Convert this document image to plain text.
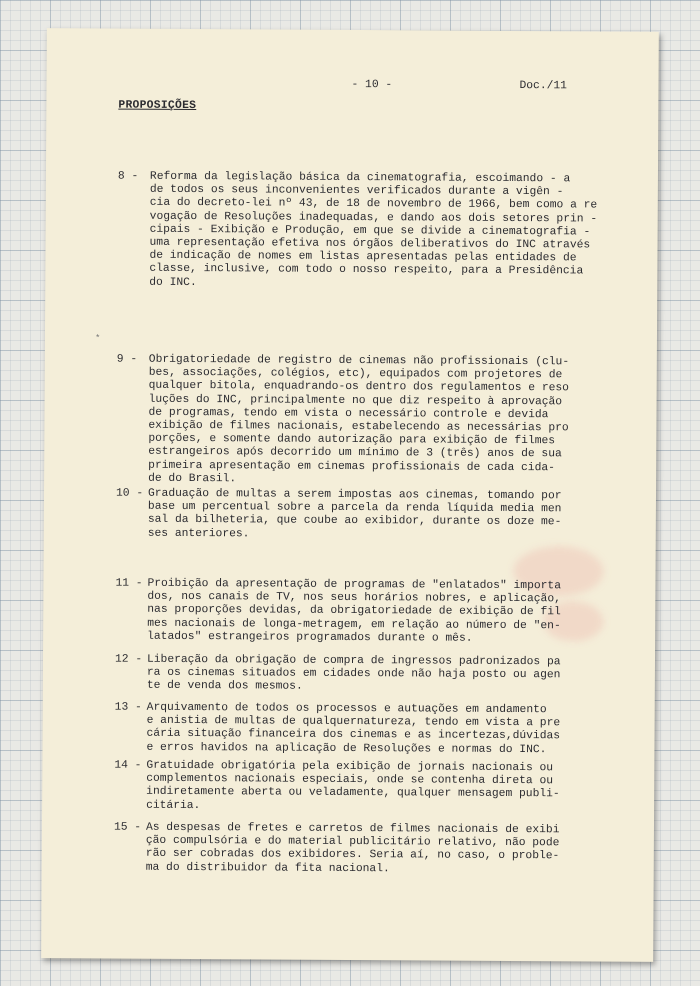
- 10 -	Doc./11
PROPOSIÇÕES
*
8 -	Reforma da legislação básica da cinematografia, escoimando - a
de todos os seus inconvenientes verificados durante a vigên -
cia do decreto-lei nº 43, de 18 de novembro de 1966, bem como a re
vogação de Resoluções inadequadas, e dando aos dois setores prin -
cipais - Exibição e Produção, em que se divide a cinematografia -
uma representação efetiva nos órgãos deliberativos do INC através
de indicação de nomes em listas apresentadas pelas entidades de
classe, inclusive, com todo o nosso respeito, para a Presidência
do INC.
9 -	Obrigatoriedade de registro de cinemas não profissionais (clu-
bes, associações, colégios, etc), equipados com projetores de
qualquer bitola, enquadrando-os dentro dos regulamentos e reso
luções do INC, principalmente no que diz respeito à aprovação
de programas, tendo em vista o necessário controle e devida
exibição de filmes nacionais, estabelecendo as necessárias pro
porções, e somente dando autorização para exibição de filmes
estrangeiros após decorrido um mínimo de 3 (três) anos de sua
primeira apresentação em cinemas profissionais de cada cida-
de do Brasil.
10 - Graduação de multas a serem impostas aos cinemas, tomando por
base um percentual sobre a parcela da renda líquida media men
sal da bilheteria, que coube ao exibidor, durante os doze me-
ses anteriores.
11 - Proibição da apresentação de programas de "enlatados" importa
dos, nos canais de TV, nos seus horários nobres, e aplicação,
nas proporções devidas, da obrigatoriedade de exibição de fil
mes nacionais de longa-metragem, em relação ao número de "en-
latados" estrangeiros programados durante o mês.
12 - Liberação da obrigação de compra de ingressos padronizados pa
ra os cinemas situados em cidades onde não haja posto ou agen
te de venda dos mesmos.
13 - Arquivamento de todos os processos e autuações em andamento
e anistia de multas de qualquernatureza, tendo em vista a pre
cária situação financeira dos cinemas e as incertezas,dúvidas
e erros havidos na aplicação de Resoluções e normas do INC.
14 - Gratuidade obrigatória pela exibição de jornais nacionais ou
complementos nacionais especiais, onde se contenha direta ou
indiretamente aberta ou veladamente, qualquer mensagem publi-
citária.
15 - As despesas de fretes e carretos de filmes nacionais de exibi
ção compulsória e do material publicitário relativo, não pode
rão ser cobradas dos exibidores. Seria aí, no caso, o proble-
ma do distribuidor da fita nacional.
